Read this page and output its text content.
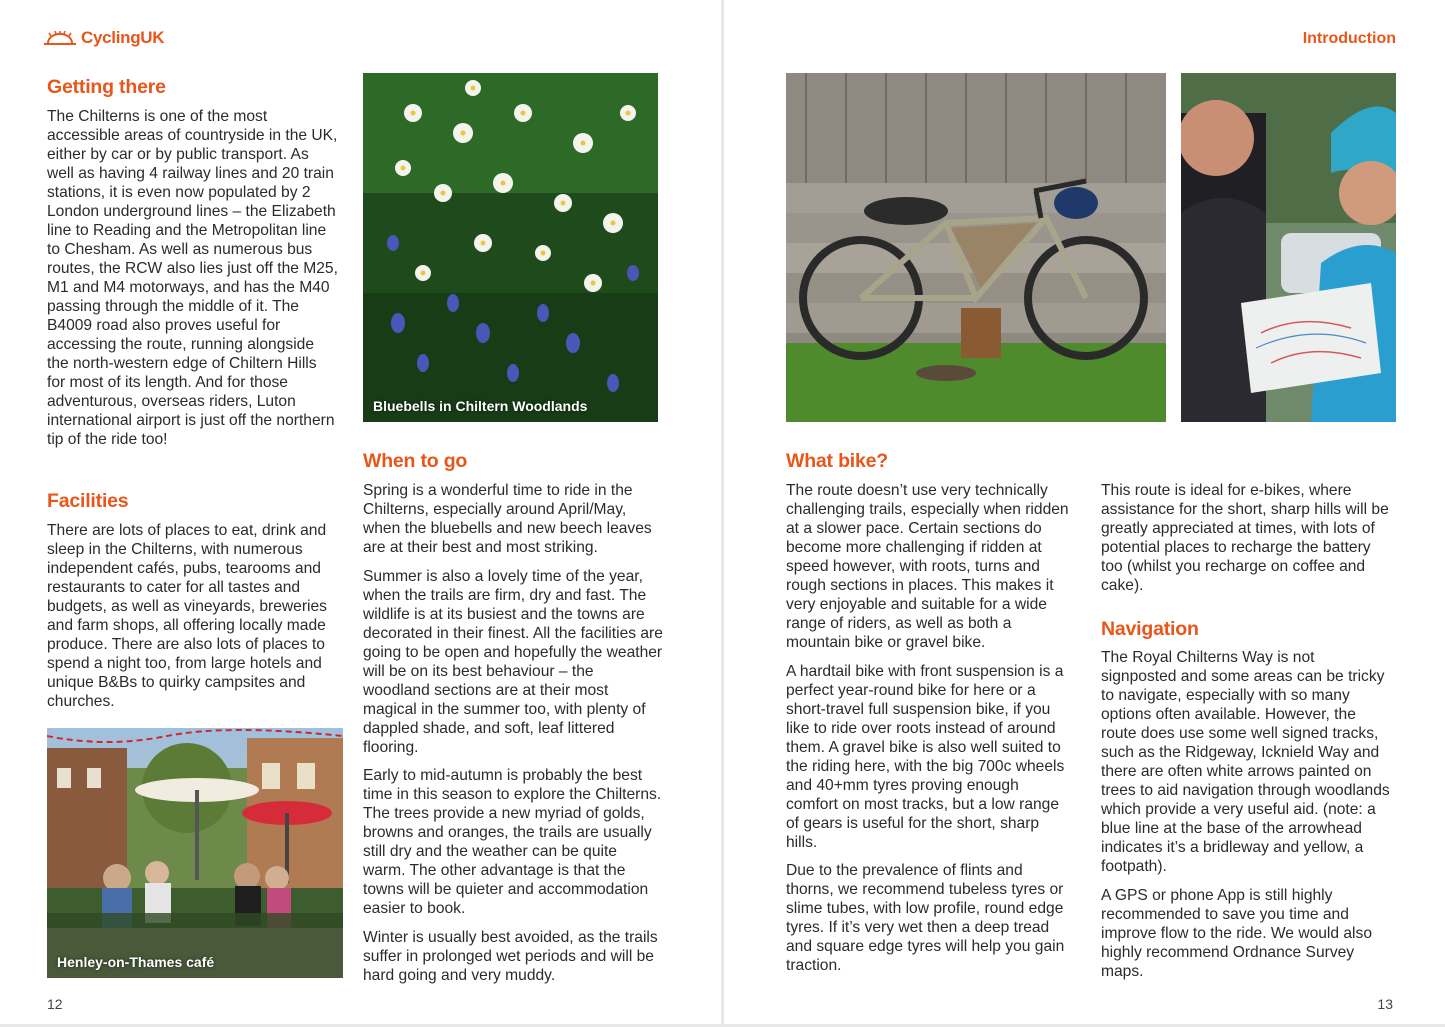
CyclingUK
Getting there
The Chilterns is one of the most accessible areas of countryside in the UK, either by car or by public transport. As well as having 4 railway lines and 20 train stations, it is even now populated by 2 London underground lines – the Elizabeth line to Reading and the Metropolitan line to Chesham. As well as numerous bus routes, the RCW also lies just off the M25, M1 and M4 motorways, and has the M40 passing through the middle of it. The B4009 road also proves useful for accessing the route, running alongside the north-western edge of Chiltern Hills for most of its length. And for those adventurous, overseas riders, Luton international airport is just off the northern tip of the ride too!
Facilities
There are lots of places to eat, drink and sleep in the Chilterns, with numerous independent cafés, pubs, tearooms and restaurants to cater for all tastes and budgets, as well as vineyards, breweries and farm shops, all offering locally made produce. There are also lots of places to spend a night too, from large hotels and unique B&Bs to quirky campsites and churches.
Henley-on-Thames café
Bluebells in Chiltern Woodlands
When to go

Spring is a wonderful time to ride in the Chilterns, especially around April/May, when the bluebells and new beech leaves are at their best and most striking.

Summer is also a lovely time of the year, when the trails are firm, dry and fast. The wildlife is at its busiest and the towns are decorated in their finest. All the facilities are going to be open and hopefully the weather will be on its best behaviour – the woodland sections are at their most magical in the summer too, with plenty of dappled shade, and soft, leaf littered flooring.

Early to mid-autumn is probably the best time in this season to explore the Chilterns. The trees provide a new myriad of golds, browns and oranges, the trails are usually still dry and the weather can be quite warm. The other advantage is that the towns will be quieter and accommodation easier to book.

Winter is usually best avoided, as the trails suffer in prolonged wet periods and will be hard going and very muddy.

12
Introduction
What bike?

The route doesn’t use very technically challenging trails, especially when ridden at a slower pace. Certain sections do become more challenging if ridden at speed however, with roots, turns and rough sections in places. This makes it very enjoyable and suitable for a wide range of riders, as well as both a mountain bike or gravel bike.

A hardtail bike with front suspension is a perfect year-round bike for here or a short-travel full suspension bike, if you like to ride over roots instead of around them. A gravel bike is also well suited to the riding here, with the big 700c wheels and 40+mm tyres proving enough comfort on most tracks, but a low range of gears is useful for the short, sharp hills.

Due to the prevalence of flints and thorns, we recommend tubeless tyres or slime tubes, with low profile, round edge tyres. If it’s very wet then a deep tread and square edge tyres will help you gain traction.

This route is ideal for e-bikes, where assistance for the short, sharp hills will be greatly appreciated at times, with lots of potential places to recharge the battery too (whilst you recharge on coffee and cake).
Navigation

The Royal Chilterns Way is not signposted and some areas can be tricky to navigate, especially with so many options often available. However, the route does use some well signed tracks, such as the Ridgeway, Icknield Way and there are often white arrows painted on trees to aid navigation through woodlands which provide a very useful aid. (note: a blue line at the base of the arrowhead indicates it’s a bridleway and yellow, a footpath).

A GPS or phone App is still highly recommended to save you time and improve flow to the ride. We would also highly recommend Ordnance Survey maps.

13
